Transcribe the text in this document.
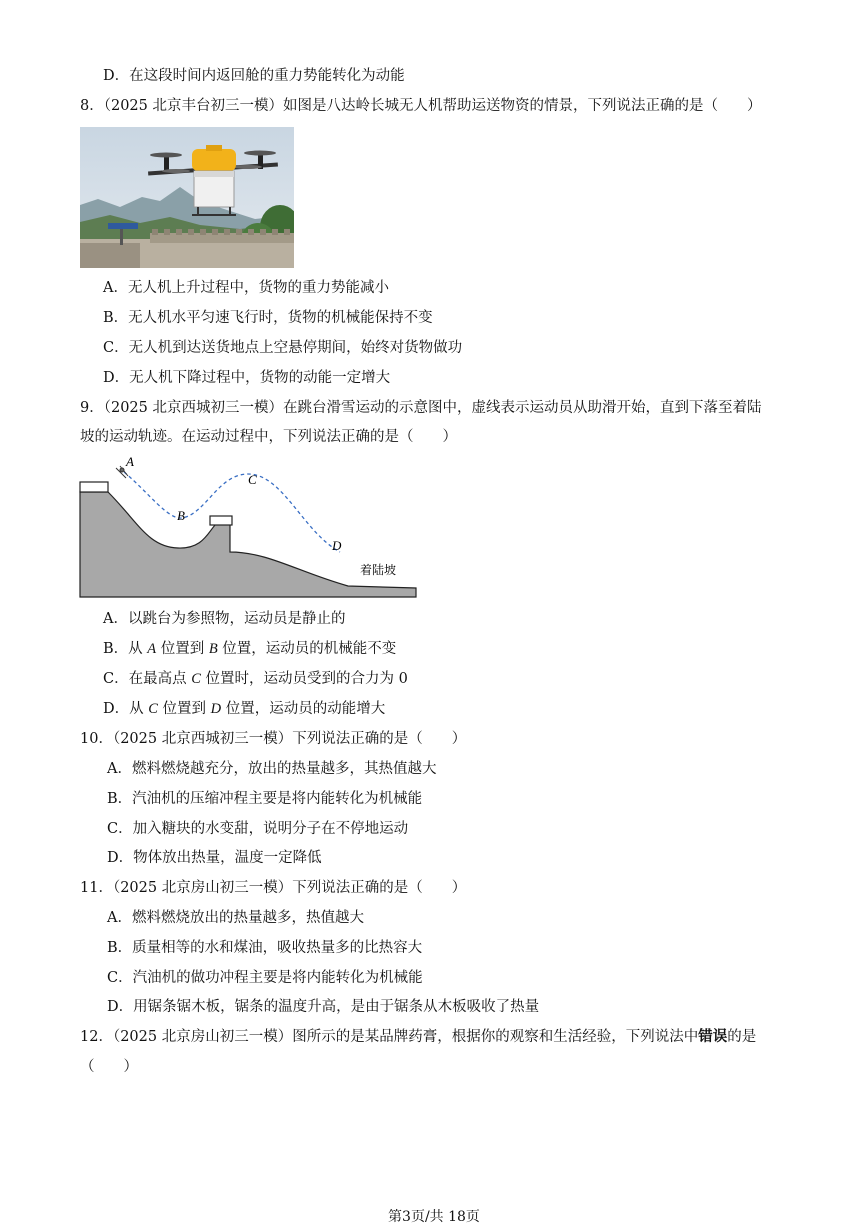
D．在这段时间内返回舱的重力势能转化为动能
8．（2025 北京丰台初三一模）如图是八达岭长城无人机帮助运送物资的情景，下列说法正确的是（　　）
A．无人机上升过程中，货物的重力势能减小
B．无人机水平匀速飞行时，货物的机械能保持不变
C．无人机到达送货地点上空悬停期间，始终对货物做功
D．无人机下降过程中，货物的动能一定增大
9．（2025 北京西城初三一模）在跳台滑雪运动的示意图中，虚线表示运动员从助滑开始，直到下落至着陆
坡的运动轨迹。在运动过程中，下列说法正确的是（　　）
A
B
C
D
着陆坡
A．以跳台为参照物，运动员是静止的
B．从 A 位置到 B 位置，运动员的机械能不变
C．在最高点 C 位置时，运动员受到的合力为 0
D．从 C 位置到 D 位置，运动员的动能增大
10．（2025 北京西城初三一模）下列说法正确的是（　　）
A．燃料燃烧越充分，放出的热量越多，其热值越大
B．汽油机的压缩冲程主要是将内能转化为机械能
C．加入糖块的水变甜，说明分子在不停地运动
D．物体放出热量，温度一定降低
11．（2025 北京房山初三一模）下列说法正确的是（　　）
A．燃料燃烧放出的热量越多，热值越大
B．质量相等的水和煤油，吸收热量多的比热容大
C．汽油机的做功冲程主要是将内能转化为机械能
D．用锯条锯木板，锯条的温度升高，是由于锯条从木板吸收了热量
12．（2025 北京房山初三一模）图所示的是某品牌药膏，根据你的观察和生活经验，下列说法中错误的是
（　　）
第3页/共 18页
